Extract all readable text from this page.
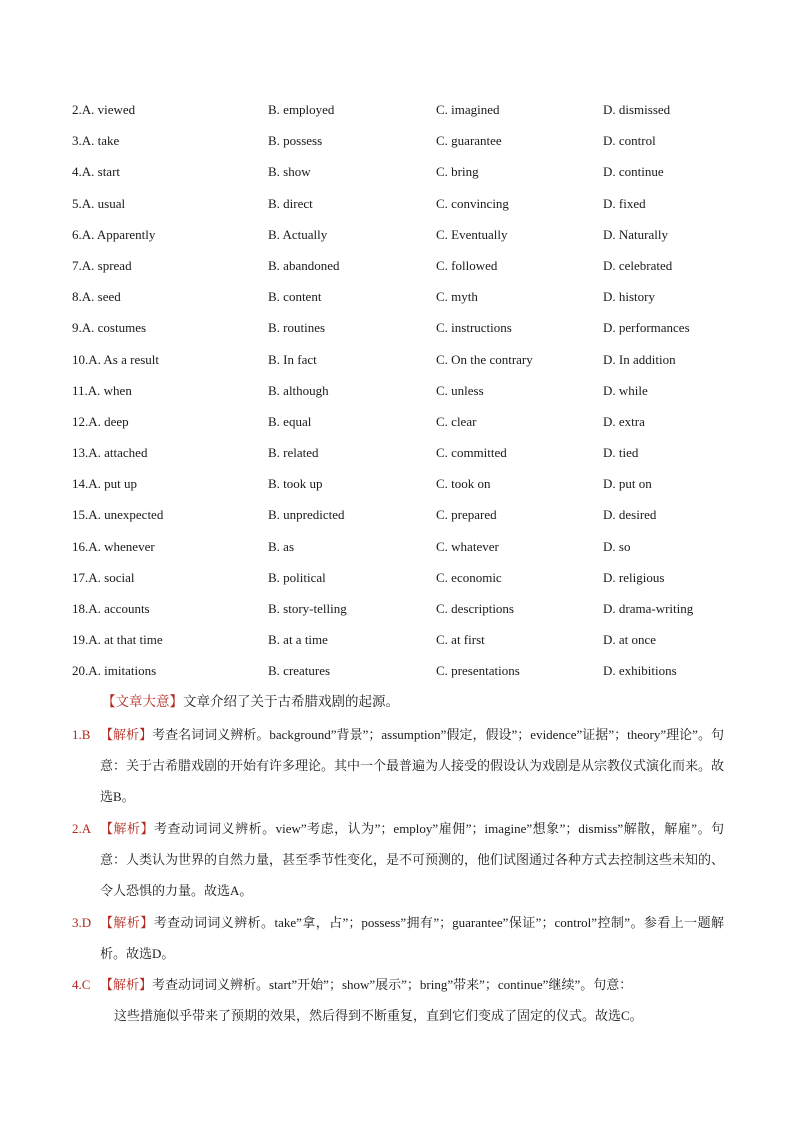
2.A. viewed	B. employed	C. imagined	D. dismissed
3.A. take	B. possess	C. guarantee	D. control
4.A. start	B. show	C. bring	D. continue
5.A. usual	B. direct	C. convincing	D. fixed
6.A. Apparently	B. Actually	C. Eventually	D. Naturally
7.A. spread	B. abandoned	C. followed	D. celebrated
8.A. seed	B. content	C. myth	D. history
9.A. costumes	B. routines	C. instructions	D. performances
10.A. As a result	B. In fact	C. On the contrary	D. In addition
11.A. when	B. although	C. unless	D. while
12.A. deep	B. equal	C. clear	D. extra
13.A. attached	B. related	C. committed	D. tied
14.A. put up	B. took up	C. took on	D. put on
15.A. unexpected	B. unpredicted	C. prepared	D. desired
16.A. whenever	B. as	C. whatever	D. so
17.A. social	B. political	C. economic	D. religious
18.A. accounts	B. story-telling	C. descriptions	D. drama-writing
19.A. at that time	B. at a time	C. at first	D. at once
20.A. imitations	B. creatures	C. presentations	D. exhibitions
【文章大意】文章介绍了关于古希腊戏剧的起源。
1.B 【解析】考查名词词义辨析。background”背景”；assumption”假定，假设”；evidence”证据”；theory”理论”。句意：关于古希腊戏剧的开始有许多理论。其中一个最普遍为人接受的假设认为戏剧是从宗教仪式演化而来。故选B。
2.A 【解析】考查动词词义辨析。view”考虑，认为”；employ”雇佣”；imagine”想象”；dismiss”解散，解雇”。句意：人类认为世界的自然力量，甚至季节性变化，是不可预测的，他们试图通过各种方式去控制这些未知的、令人恐惧的力量。故选A。
3.D 【解析】考查动词词义辨析。take”拿，占”；possess”拥有”；guarantee”保证”；control”控制”。参看上一题解析。故选D。
4.C 【解析】考查动词词义辨析。start”开始”；show”展示”；bring”带来”；continue”继续”。句意：
这些措施似乎带来了预期的效果，然后得到不断重复，直到它们变成了固定的仪式。故选C。
